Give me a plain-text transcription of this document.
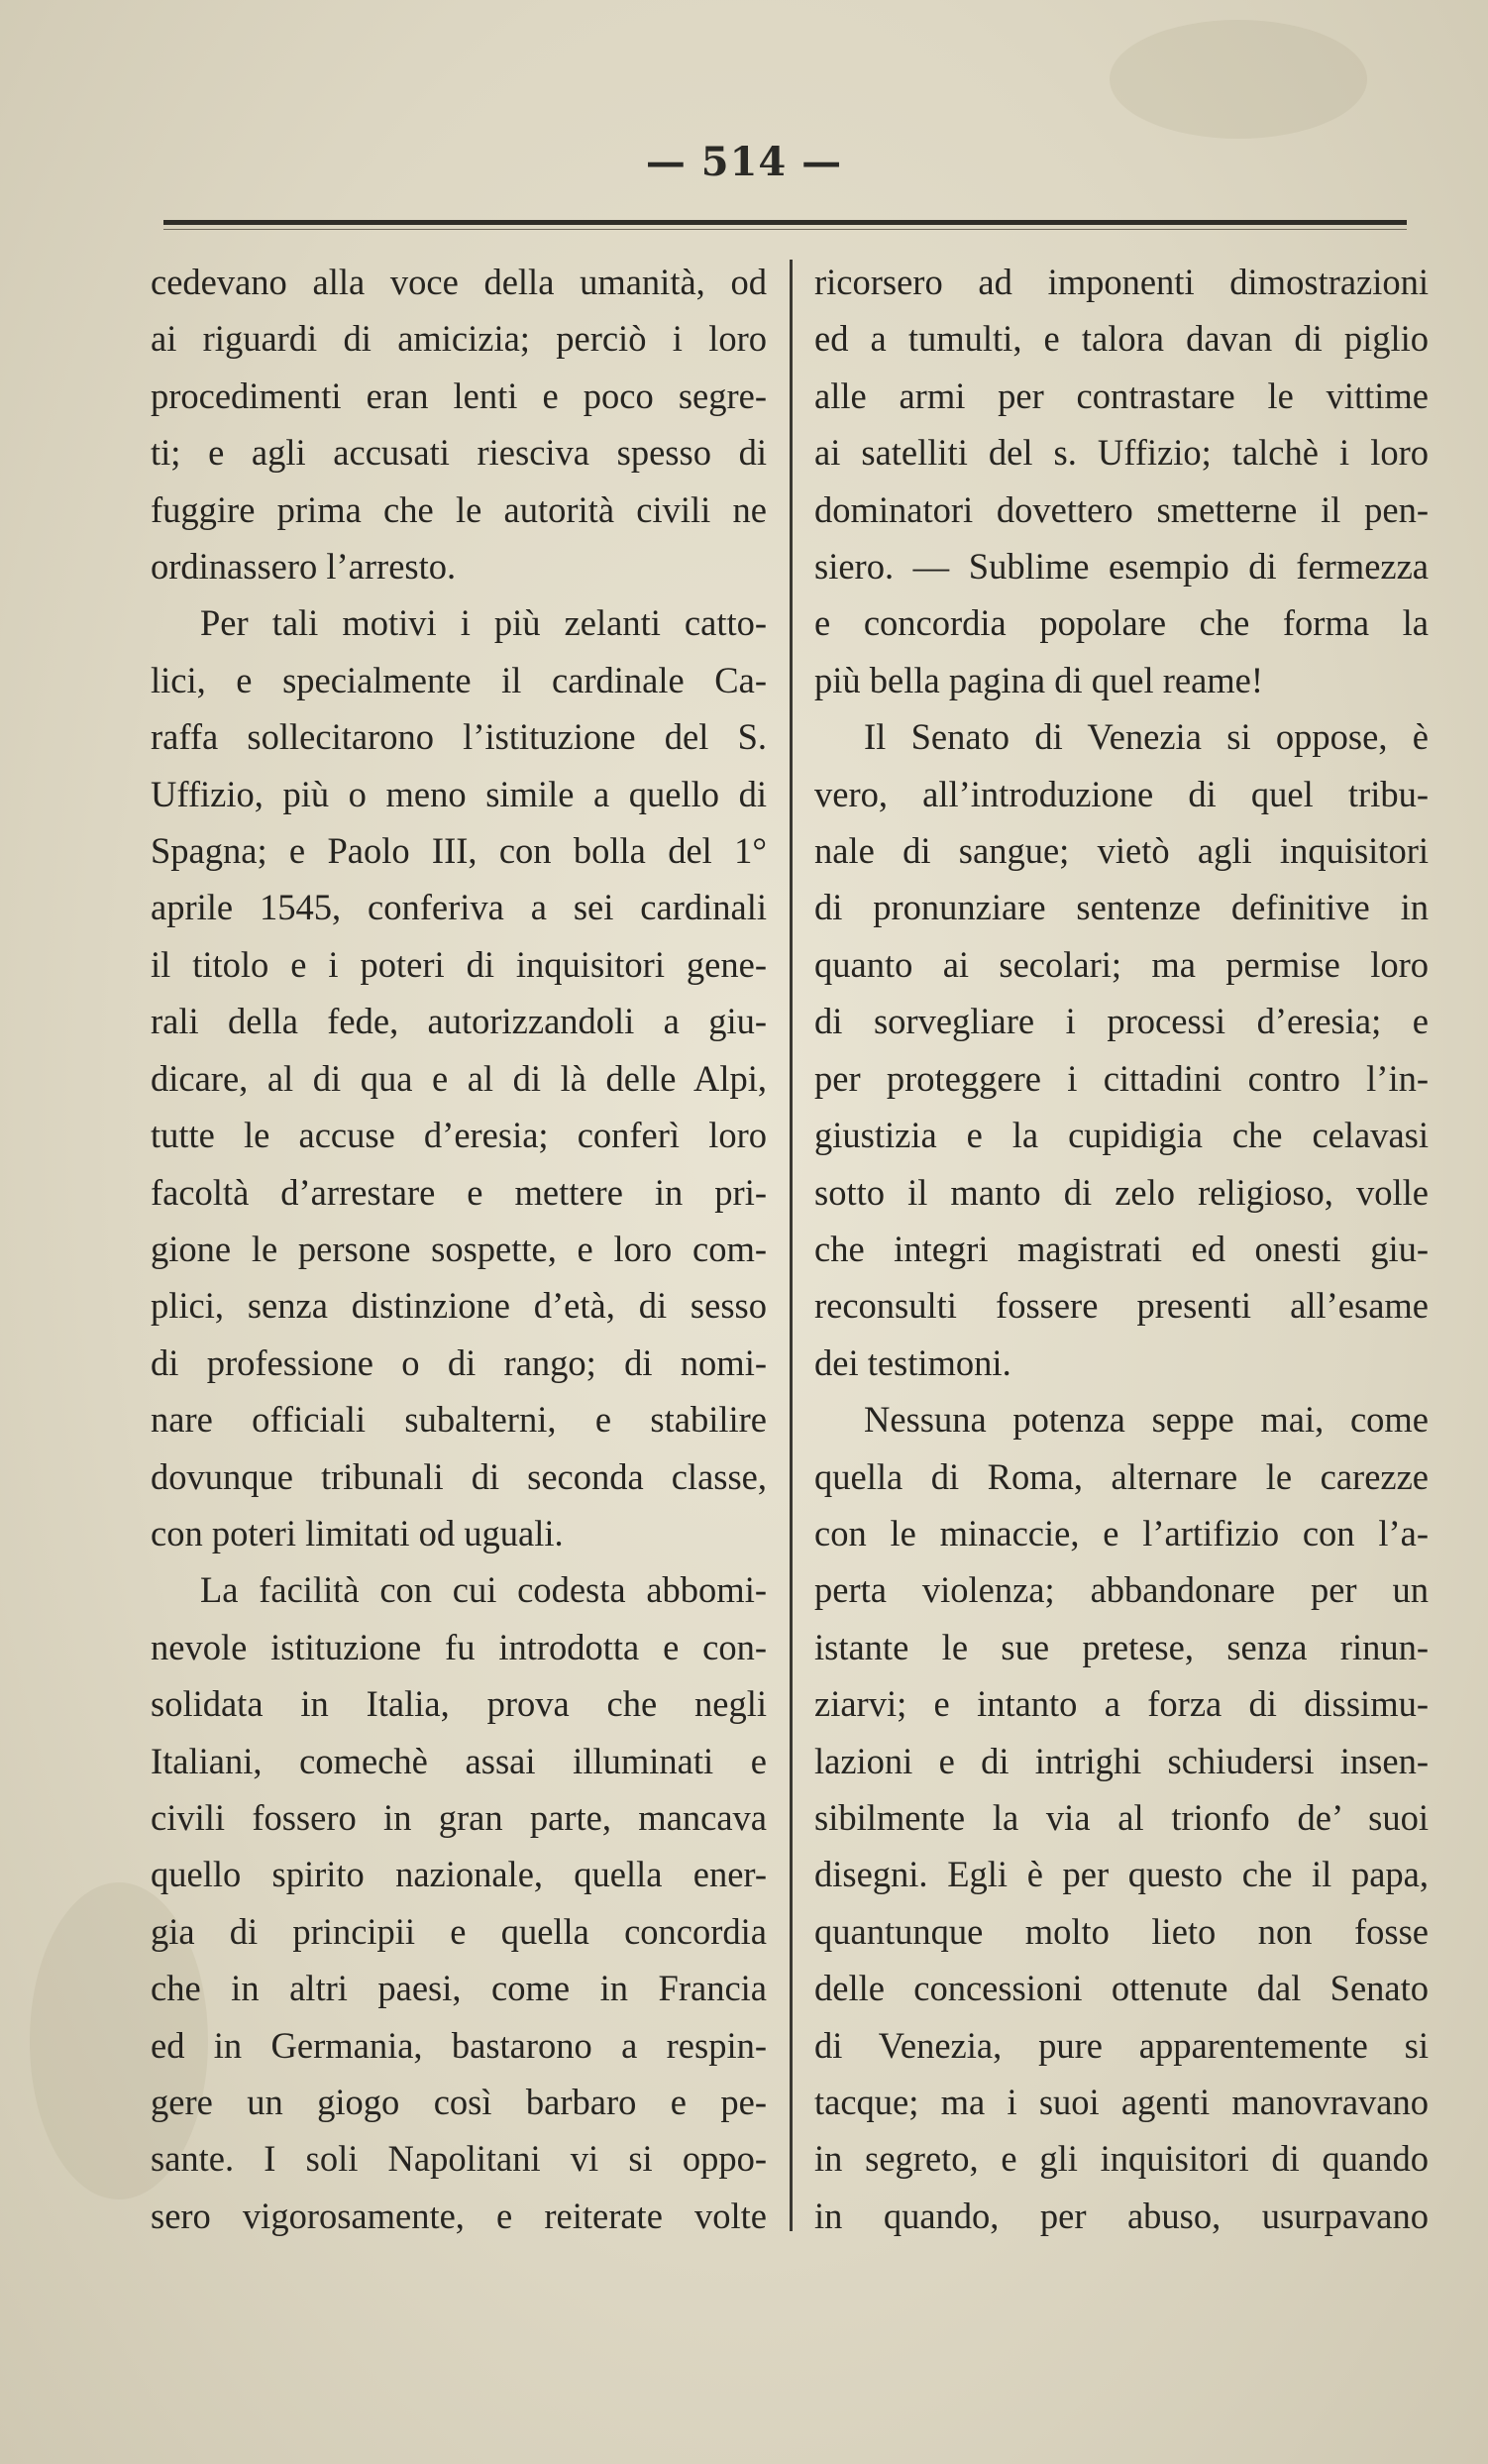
— 514 —
cedevano alla voce della umanità, od
ai riguardi di amicizia; perciò i loro
procedimenti eran lenti e poco segre-
ti; e agli accusati riesciva spesso di
fuggire prima che le autorità civili ne
ordinassero l’arresto.
Per tali motivi i più zelanti catto-
lici, e specialmente il cardinale Ca-
raffa sollecitarono l’istituzione del S.
Uffizio, più o meno simile a quello di
Spagna; e Paolo III, con bolla del 1°
aprile 1545, conferiva a sei cardinali
il titolo e i poteri di inquisitori gene-
rali della fede, autorizzandoli a giu-
dicare, al di qua e al di là delle Alpi,
tutte le accuse d’eresia; conferì loro
facoltà d’arrestare e mettere in pri-
gione le persone sospette, e loro com-
plici, senza distinzione d’età, di sesso
di professione o di rango; di nomi-
nare officiali subalterni, e stabilire
dovunque tribunali di seconda classe,
con poteri limitati od uguali.
La facilità con cui codesta abbomi-
nevole istituzione fu introdotta e con-
solidata in Italia, prova che negli
Italiani, comechè assai illuminati e
civili fossero in gran parte, mancava
quello spirito nazionale, quella ener-
gia di principii e quella concordia
che in altri paesi, come in Francia
ed in Germania, bastarono a respin-
gere un giogo così barbaro e pe-
sante. I soli Napolitani vi si oppo-
sero vigorosamente, e reiterate volte
ricorsero ad imponenti dimostrazioni
ed a tumulti, e talora davan di piglio
alle armi per contrastare le vittime
ai satelliti del s. Uffizio; talchè i loro
dominatori dovettero smetterne il pen-
siero. — Sublime esempio di fermezza
e concordia popolare che forma la
più bella pagina di quel reame!
Il Senato di Venezia si oppose, è
vero, all’introduzione di quel tribu-
nale di sangue; vietò agli inquisitori
di pronunziare sentenze definitive in
quanto ai secolari; ma permise loro
di sorvegliare i processi d’eresia; e
per proteggere i cittadini contro l’in-
giustizia e la cupidigia che celavasi
sotto il manto di zelo religioso, volle
che integri magistrati ed onesti giu-
reconsulti fossere presenti all’esame
dei testimoni.
Nessuna potenza seppe mai, come
quella di Roma, alternare le carezze
con le minaccie, e l’artifizio con l’a-
perta violenza; abbandonare per un
istante le sue pretese, senza rinun-
ziarvi; e intanto a forza di dissimu-
lazioni e di intrighi schiudersi insen-
sibilmente la via al trionfo de’ suoi
disegni. Egli è per questo che il papa,
quantunque molto lieto non fosse
delle concessioni ottenute dal Senato
di Venezia, pure apparentemente si
tacque; ma i suoi agenti manovravano
in segreto, e gli inquisitori di quando
in quando, per abuso, usurpavano
